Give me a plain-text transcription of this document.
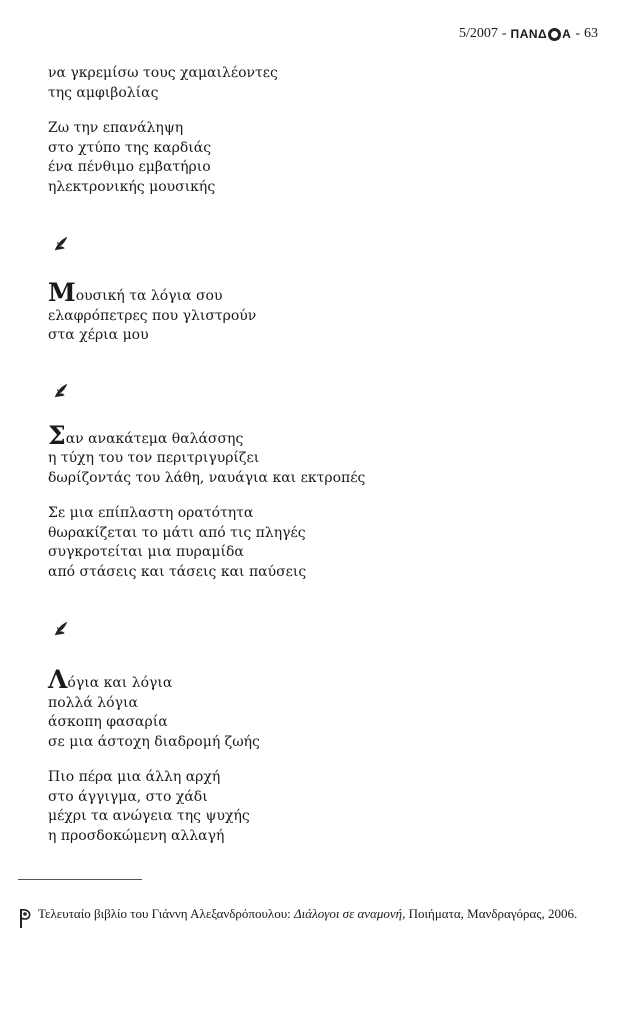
5/2007 - ΠΑΝΔ Α - 63
να γκρεμίσω τους χαμαιλέοντες
της αμφιβολίας
Ζω την επανάληψη
στο χτύπο της καρδιάς
ένα πένθιμο εμβατήριο
ηλεκτρονικής μουσικής
Μουσική τα λόγια σου
ελαφρόπετρες που γλιστρούν
στα χέρια μου
Σαν ανακάτεμα θαλάσσης
η τύχη του τον περιτριγυρίζει
δωρίζοντάς του λάθη, ναυάγια και εκτροπές
Σε μια επίπλαστη ορατότητα
θωρακίζεται το μάτι από τις πληγές
συγκροτείται μια πυραμίδα
από στάσεις και τάσεις και παύσεις
Λόγια και λόγια
πολλά λόγια
άσκοπη φασαρία
σε μια άστοχη διαδρομή ζωής
Πιο πέρα μια άλλη αρχή
στο άγγιγμα, στο χάδι
μέχρι τα ανώγεια της ψυχής
η προσδοκώμενη αλλαγή
Τελευταίο βιβλίο του Γιάννη Αλεξανδρόπουλου: Διάλογοι σε αναμονή, Ποιήματα, Μανδραγόρας, 2006.
